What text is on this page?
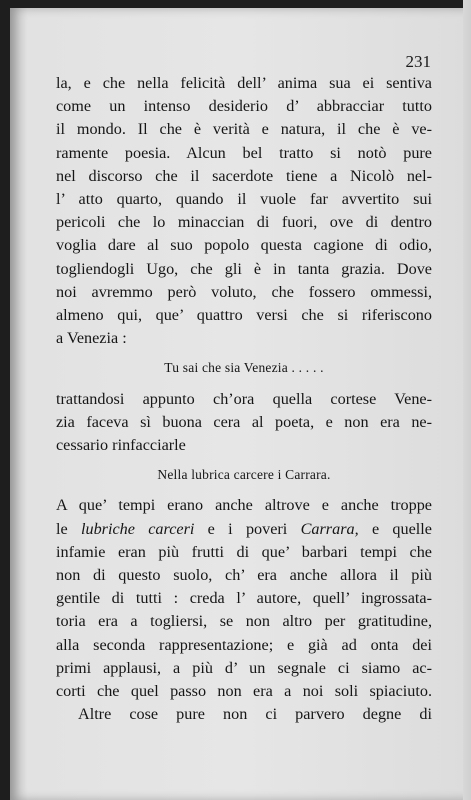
231
la, e che nella felicità dell’ anima sua ei sentiva
come un intenso desiderio d’ abbracciar tutto
il mondo. Il che è verità e natura, il che è ve-
ramente poesia. Alcun bel tratto si notò pure
nel discorso che il sacerdote tiene a Nicolò nel-
l’ atto quarto, quando il vuole far avvertito sui
pericoli che lo minaccian di fuori, ove di dentro
voglia dare al suo popolo questa cagione di odio,
togliendogli Ugo, che gli è in tanta grazia. Dove
noi avremmo però voluto, che fossero ommessi,
almeno qui, que’ quattro versi che si riferiscono
a Venezia :
Tu sai che sia Venezia . . . . .
trattandosi appunto ch’ora quella cortese Vene-
zia faceva sì buona cera al poeta, e non era ne-
cessario rinfacciarle
Nella lubrica carcere i Carrara.
A que’ tempi erano anche altrove e anche troppe
le lubriche carceri e i poveri Carrara, e quelle
infamie eran più frutti di que’ barbari tempi che
non di questo suolo, ch’ era anche allora il più
gentile di tutti : creda l’ autore, quell’ ingrossata-
toria era a togliersi, se non altro per gratitudine,
alla seconda rappresentazione; e già ad onta dei
primi applausi, a più d’ un segnale ci siamo ac-
corti che quel passo non era a noi soli spiaciuto.
Altre cose pure non ci parvero degne di
